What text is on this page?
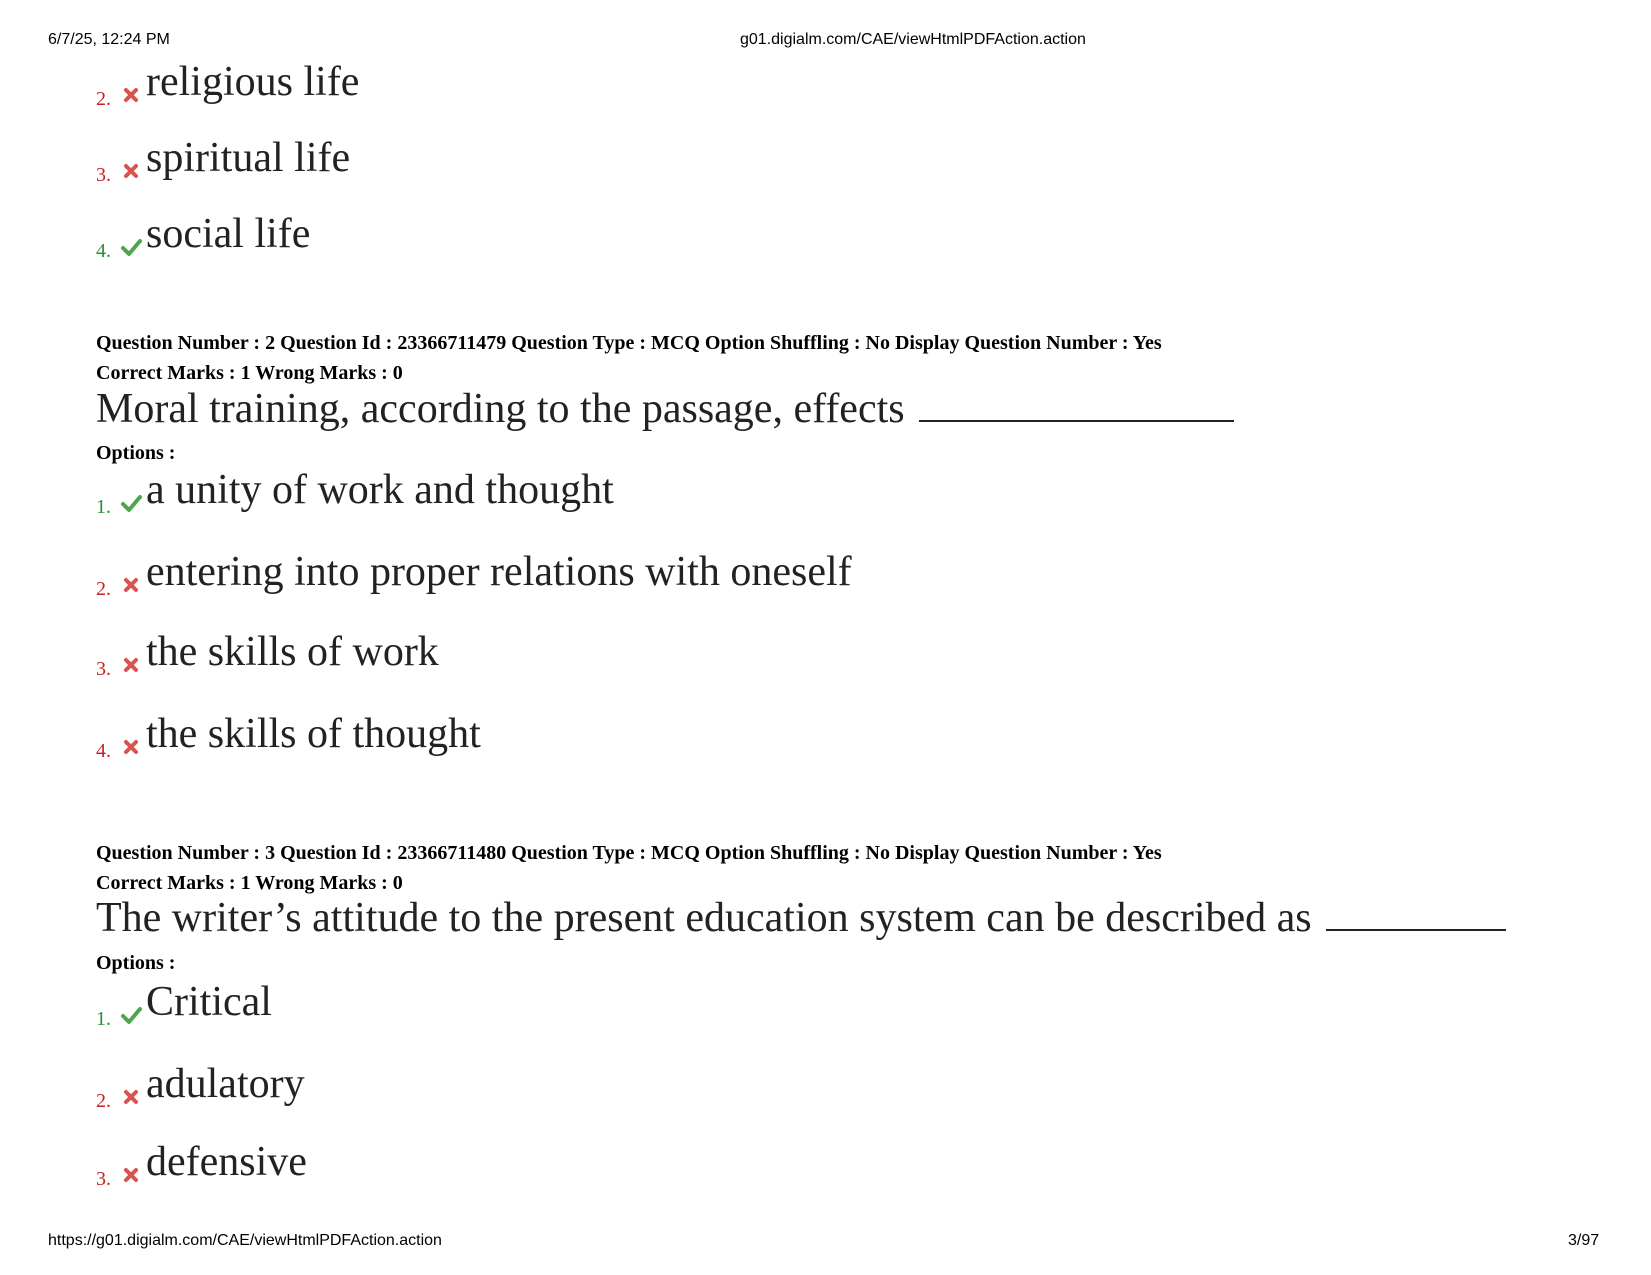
6/7/25, 12:24 PM	g01.digialm.com/CAE/viewHtmlPDFAction.action
2. religious life
3. spiritual life
4. social life
Question Number : 2 Question Id : 23366711479 Question Type : MCQ Option Shuffling : No Display Question Number : Yes
Correct Marks : 1 Wrong Marks : 0
Moral training, according to the passage, effects
Options :
1. a unity of work and thought
2. entering into proper relations with oneself
3. the skills of work
4. the skills of thought
Question Number : 3 Question Id : 23366711480 Question Type : MCQ Option Shuffling : No Display Question Number : Yes
Correct Marks : 1 Wrong Marks : 0
The writer’s attitude to the present education system can be described as
Options :
1. Critical
2. adulatory
3. defensive
https://g01.digialm.com/CAE/viewHtmlPDFAction.action	3/97
